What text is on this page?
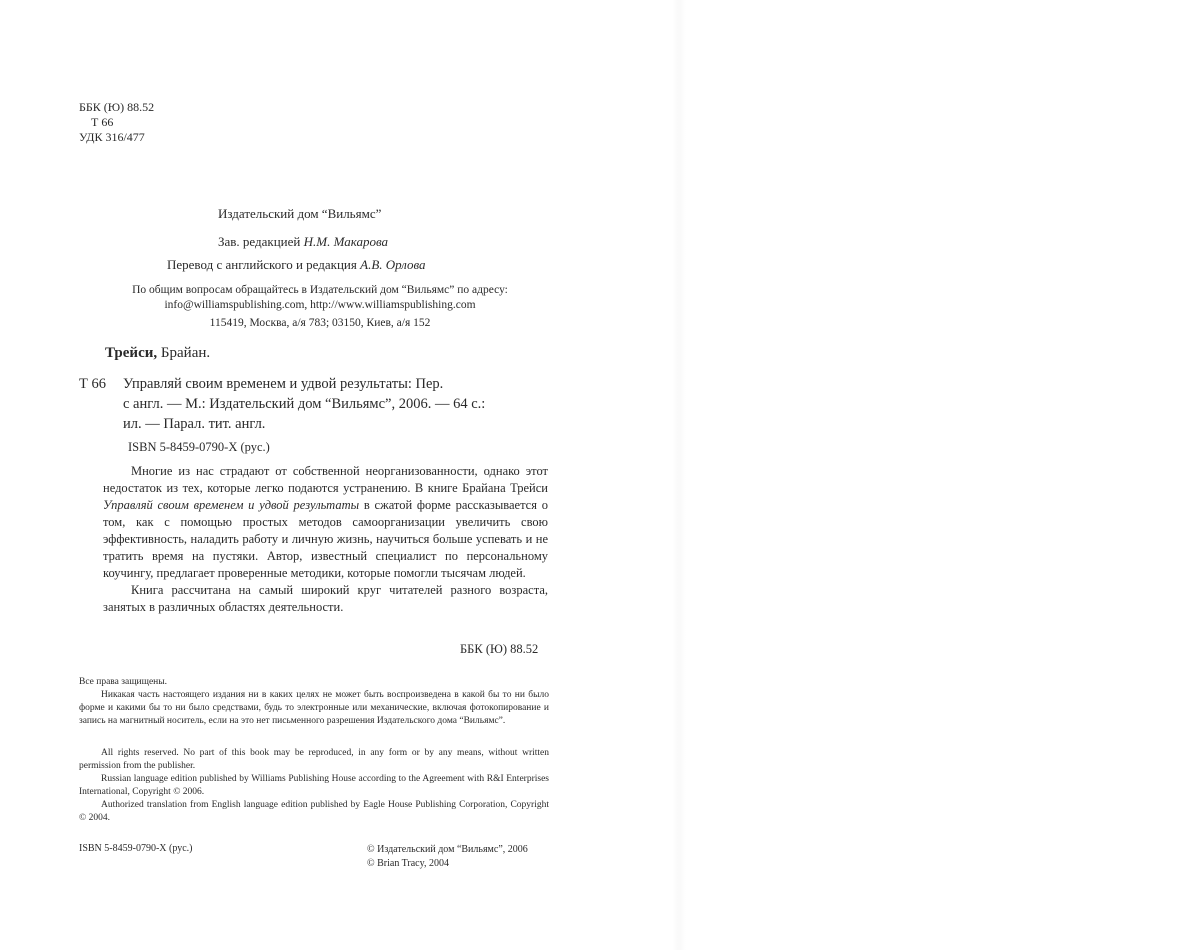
ББК (Ю) 88.52
Т 66
УДК 316/477
Издательский дом “Вильямс”
Зав. редакцией Н.М. Макарова
Перевод с английского и редакция А.В. Орлова
По общим вопросам обращайтесь в Издательский дом “Вильямс” по адресу:
info@williamspublishing.com, http://www.williamspublishing.com
115419, Москва, а/я 783; 03150, Киев, а/я 152
Трейси, Брайан.
Т 66 Управляй своим временем и удвой результаты: Пер.
с англ. — М.: Издательский дом “Вильямс”, 2006. — 64 с.:
ил. — Парал. тит. англ.
ISBN 5-8459-0790-X (рус.)

Многие из нас страдают от собственной неорганизованности, однако этот недостаток из тех, которые легко подаются устранению. В книге Брайана Трейси Управляй своим временем и удвой результаты в сжатой форме рассказывается о том, как с помощью простых методов самоорганизации увеличить свою эффективность, наладить работу и личную жизнь, научиться больше успевать и не тратить время на пустяки. Автор, известный специалист по персональному коучингу, предлагает проверенные методики, которые помогли тысячам людей.

Книга рассчитана на самый широкий круг читателей разного возраста, занятых в различных областях деятельности.

ББК (Ю) 88.52

Все права защищены.

Никакая часть настоящего издания ни в каких целях не может быть воспроизведена в какой бы то ни было форме и какими бы то ни было средствами, будь то электронные или механические, включая фотокопирование и запись на магнитный носитель, если на это нет письменного разрешения Издательского дома “Вильямс”.

All rights reserved. No part of this book may be reproduced, in any form or by any means, without written permission from the publisher.

Russian language edition published by Williams Publishing House according to the Agreement with R&I Enterprises International, Copyright © 2006.

Authorized translation from English language edition published by Eagle House Publishing Corporation, Copyright © 2004.

ISBN 5-8459-0790-X (рус.)	© Издательский дом “Вильямс”, 2006
© Brian Tracy, 2004
